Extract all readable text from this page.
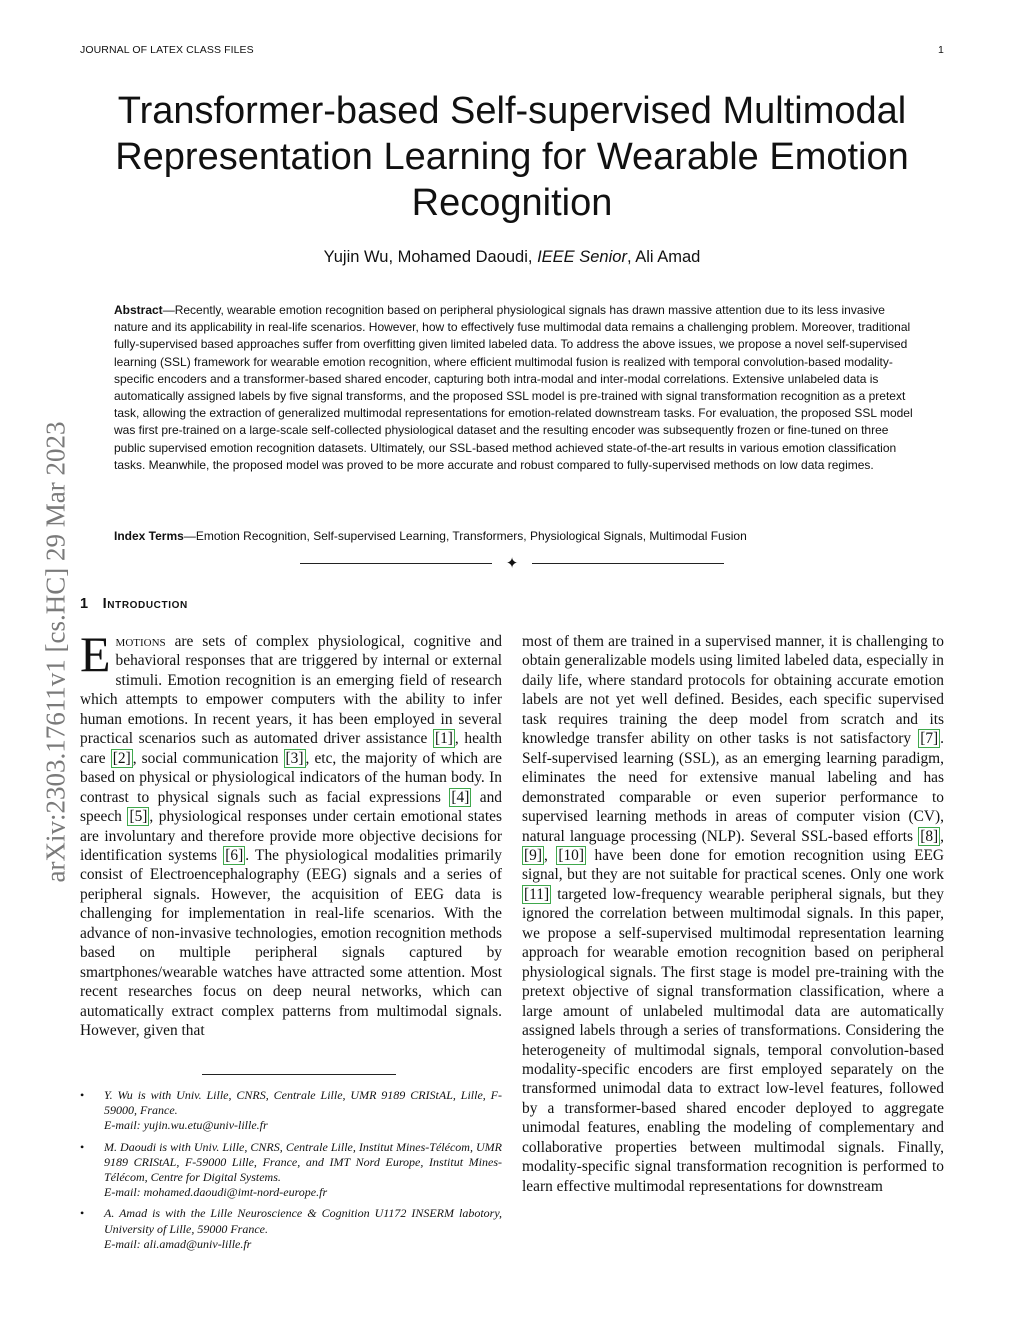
JOURNAL OF LATEX CLASS FILES	1
arXiv:2303.17611v1 [cs.HC] 29 Mar 2023
Transformer-based Self-supervised Multimodal Representation Learning for Wearable Emotion Recognition
Yujin Wu, Mohamed Daoudi, IEEE Senior, Ali Amad
Abstract—Recently, wearable emotion recognition based on peripheral physiological signals has drawn massive attention due to its less invasive nature and its applicability in real-life scenarios. However, how to effectively fuse multimodal data remains a challenging problem. Moreover, traditional fully-supervised based approaches suffer from overfitting given limited labeled data. To address the above issues, we propose a novel self-supervised learning (SSL) framework for wearable emotion recognition, where efficient multimodal fusion is realized with temporal convolution-based modality-specific encoders and a transformer-based shared encoder, capturing both intra-modal and inter-modal correlations. Extensive unlabeled data is automatically assigned labels by five signal transforms, and the proposed SSL model is pre-trained with signal transformation recognition as a pretext task, allowing the extraction of generalized multimodal representations for emotion-related downstream tasks. For evaluation, the proposed SSL model was first pre-trained on a large-scale self-collected physiological dataset and the resulting encoder was subsequently frozen or fine-tuned on three public supervised emotion recognition datasets. Ultimately, our SSL-based method achieved state-of-the-art results in various emotion classification tasks. Meanwhile, the proposed model was proved to be more accurate and robust compared to fully-supervised methods on low data regimes.
Index Terms—Emotion Recognition, Self-supervised Learning, Transformers, Physiological Signals, Multimodal Fusion
✦
1 Introduction
Emotions are sets of complex physiological, cognitive and behavioral responses that are triggered by internal or external stimuli. Emotion recognition is an emerging field of research which attempts to empower computers with the ability to infer human emotions. In recent years, it has been employed in several practical scenarios such as automated driver assistance [1] , health care [2] , social communication [3] , etc, the majority of which are based on physical or physiological indicators of the human body. In contrast to physical signals such as facial expressions [4] and speech [5] , physiological responses under certain emotional states are involuntary and therefore provide more objective decisions for identification systems [6] . The physiological modalities primarily consist of Electroencephalography (EEG) signals and a series of peripheral signals. However, the acquisition of EEG data is challenging for implementation in real-life scenarios. With the advance of non-invasive technologies, emotion recognition methods based on multiple peripheral signals captured by smartphones/wearable watches have attracted some attention. Most recent researches focus on deep neural networks, which can automatically extract complex patterns from multimodal signals. However, given that
most of them are trained in a supervised manner, it is challenging to obtain generalizable models using limited labeled data, especially in daily life, where standard protocols for obtaining accurate emotion labels are not yet well defined. Besides, each specific supervised task requires training the deep model from scratch and its knowledge transfer ability on other tasks is not satisfactory [7] . Self-supervised learning (SSL), as an emerging learning paradigm, eliminates the need for extensive manual labeling and has demonstrated comparable or even superior performance to supervised learning methods in areas of computer vision (CV), natural language processing (NLP). Several SSL-based efforts [8] , [9] , [10] have been done for emotion recognition using EEG signal, but they are not suitable for practical scenes. Only one work [11] targeted low-frequency wearable peripheral signals, but they ignored the correlation between multimodal signals. In this paper, we propose a self-supervised multimodal representation learning approach for wearable emotion recognition based on peripheral physiological signals. The first stage is model pre-training with the pretext objective of signal transformation classification, where a large amount of unlabeled multimodal data are automatically assigned labels through a series of transformations. Considering the heterogeneity of multimodal signals, temporal convolution-based modality-specific encoders are first employed separately on the transformed unimodal data to extract low-level features, followed by a transformer-based shared encoder deployed to aggregate unimodal features, enabling the modeling of complementary and collaborative properties between multimodal signals. Finally, modality-specific signal transformation recognition is performed to learn effective multimodal representations for downstream
• Y. Wu is with Univ. Lille, CNRS, Centrale Lille, UMR 9189 CRIStAL, Lille, F-59000, France.
E-mail: yujin.wu.etu@univ-lille.fr
• M. Daoudi is with Univ. Lille, CNRS, Centrale Lille, Institut Mines-Télécom, UMR 9189 CRIStAL, F-59000 Lille, France, and IMT Nord Europe, Institut Mines-Télécom, Centre for Digital Systems.
E-mail: mohamed.daoudi@imt-nord-europe.fr
• A. Amad is with the Lille Neuroscience & Cognition U1172 INSERM labotory, University of Lille, 59000 France.
E-mail: ali.amad@univ-lille.fr
